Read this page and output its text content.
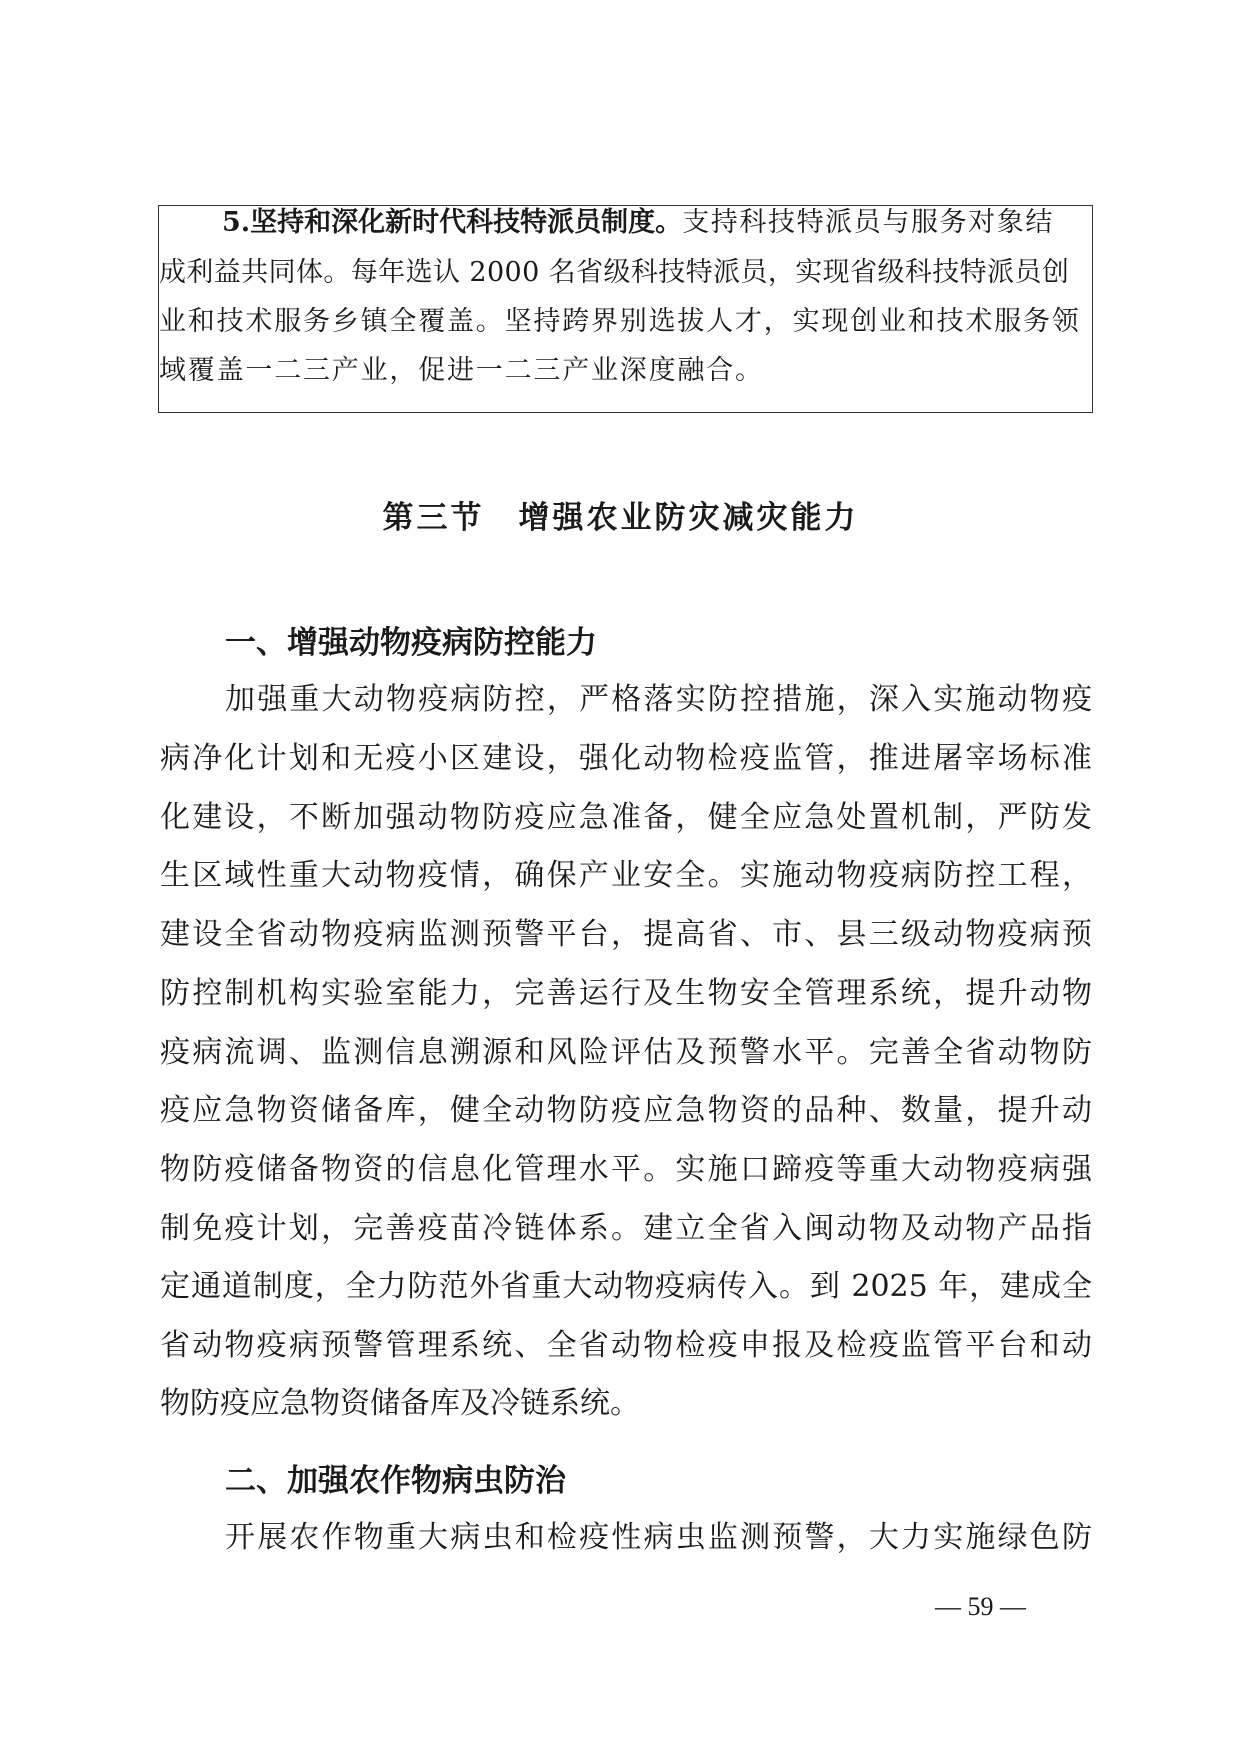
5.坚持和深化新时代科技特派员制度。支持科技特派员与服务对象结
成利益共同体。每年选认 2000 名省级科技特派员，实现省级科技特派员创
业和技术服务乡镇全覆盖。坚持跨界别选拔人才，实现创业和技术服务领
域覆盖一二三产业，促进一二三产业深度融合。
第三节 增强农业防灾减灾能力
一、增强动物疫病防控能力
加强重大动物疫病防控，严格落实防控措施，深入实施动物疫
病净化计划和无疫小区建设，强化动物检疫监管，推进屠宰场标准
化建设，不断加强动物防疫应急准备，健全应急处置机制，严防发
生区域性重大动物疫情，确保产业安全。实施动物疫病防控工程，
建设全省动物疫病监测预警平台，提高省、市、县三级动物疫病预
防控制机构实验室能力，完善运行及生物安全管理系统，提升动物
疫病流调、监测信息溯源和风险评估及预警水平。完善全省动物防
疫应急物资储备库，健全动物防疫应急物资的品种、数量，提升动
物防疫储备物资的信息化管理水平。实施口蹄疫等重大动物疫病强
制免疫计划，完善疫苗冷链体系。建立全省入闽动物及动物产品指
定通道制度，全力防范外省重大动物疫病传入。到 2025 年，建成全
省动物疫病预警管理系统、全省动物检疫申报及检疫监管平台和动
物防疫应急物资储备库及冷链系统。
二、加强农作物病虫防治
开展农作物重大病虫和检疫性病虫监测预警，大力实施绿色防
— 59 —
